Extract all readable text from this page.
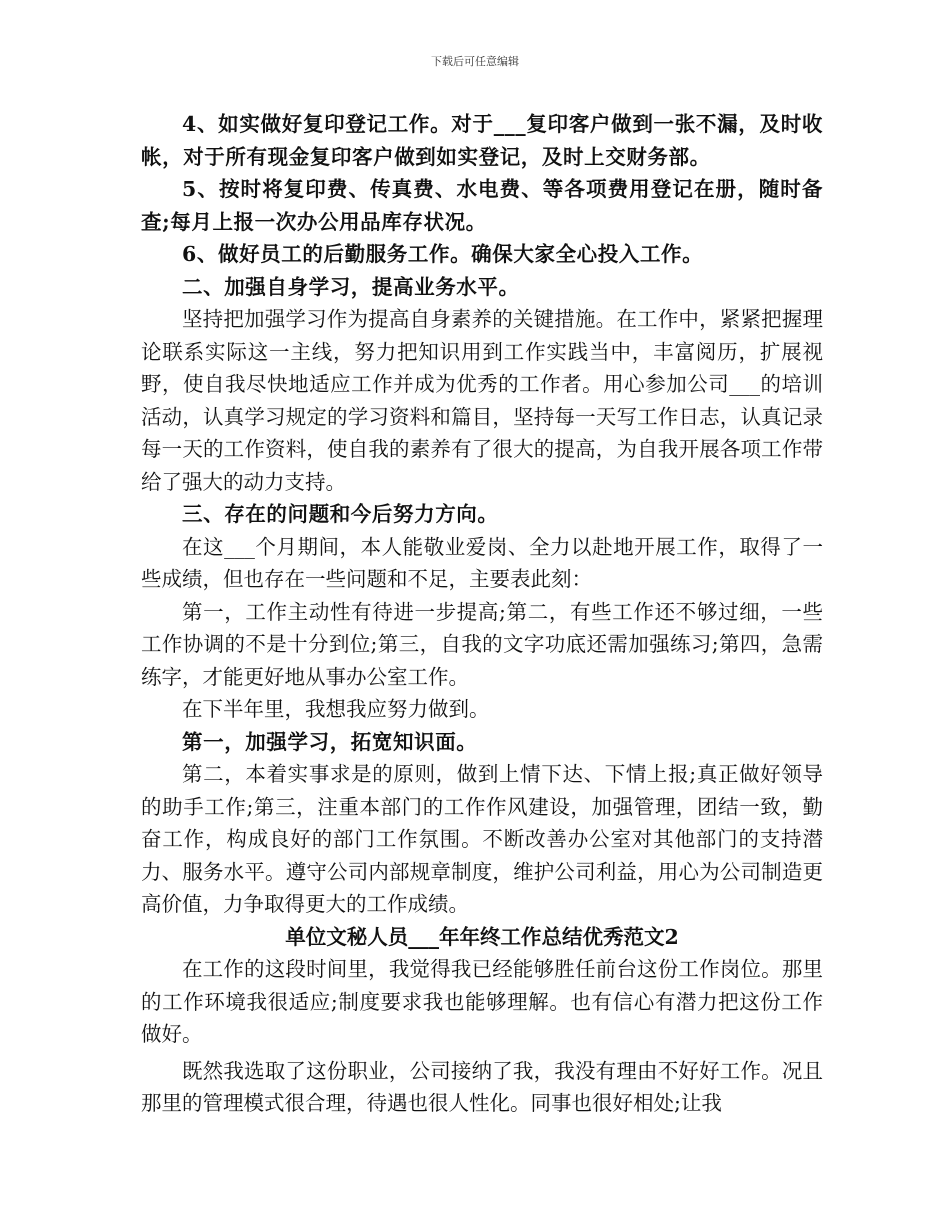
下载后可任意编辑

4、如实做好复印登记工作。对于___复印客户做到一张不漏，及时收帐，对于所有现金复印客户做到如实登记，及时上交财务部。

5、按时将复印费、传真费、水电费、等各项费用登记在册，随时备查;每月上报一次办公用品库存状况。

6、做好员工的后勤服务工作。确保大家全心投入工作。

二、加强自身学习，提高业务水平。

坚持把加强学习作为提高自身素养的关键措施。在工作中，紧紧把握理论联系实际这一主线，努力把知识用到工作实践当中，丰富阅历，扩展视野，使自我尽快地适应工作并成为优秀的工作者。用心参加公司___的培训活动，认真学习规定的学习资料和篇目，坚持每一天写工作日志，认真记录每一天的工作资料，使自我的素养有了很大的提高，为自我开展各项工作带给了强大的动力支持。

三、存在的问题和今后努力方向。

在这___个月期间，本人能敬业爱岗、全力以赴地开展工作，取得了一些成绩，但也存在一些问题和不足，主要表此刻：

第一，工作主动性有待进一步提高;第二，有些工作还不够过细，一些工作协调的不是十分到位;第三，自我的文字功底还需加强练习;第四，急需练字，才能更好地从事办公室工作。

在下半年里，我想我应努力做到。

第一，加强学习，拓宽知识面。

第二，本着实事求是的原则，做到上情下达、下情上报;真正做好领导的助手工作;第三，注重本部门的工作作风建设，加强管理，团结一致，勤奋工作，构成良好的部门工作氛围。不断改善办公室对其他部门的支持潜力、服务水平。遵守公司内部规章制度，维护公司利益，用心为公司制造更高价值，力争取得更大的工作成绩。

单位文秘人员___年年终工作总结优秀范文2

在工作的这段时间里，我觉得我已经能够胜任前台这份工作岗位。那里的工作环境我很适应;制度要求我也能够理解。也有信心有潜力把这份工作做好。

既然我选取了这份职业，公司接纳了我，我没有理由不好好工作。况且那里的管理模式很合理，待遇也很人性化。同事也很好相处;让我
